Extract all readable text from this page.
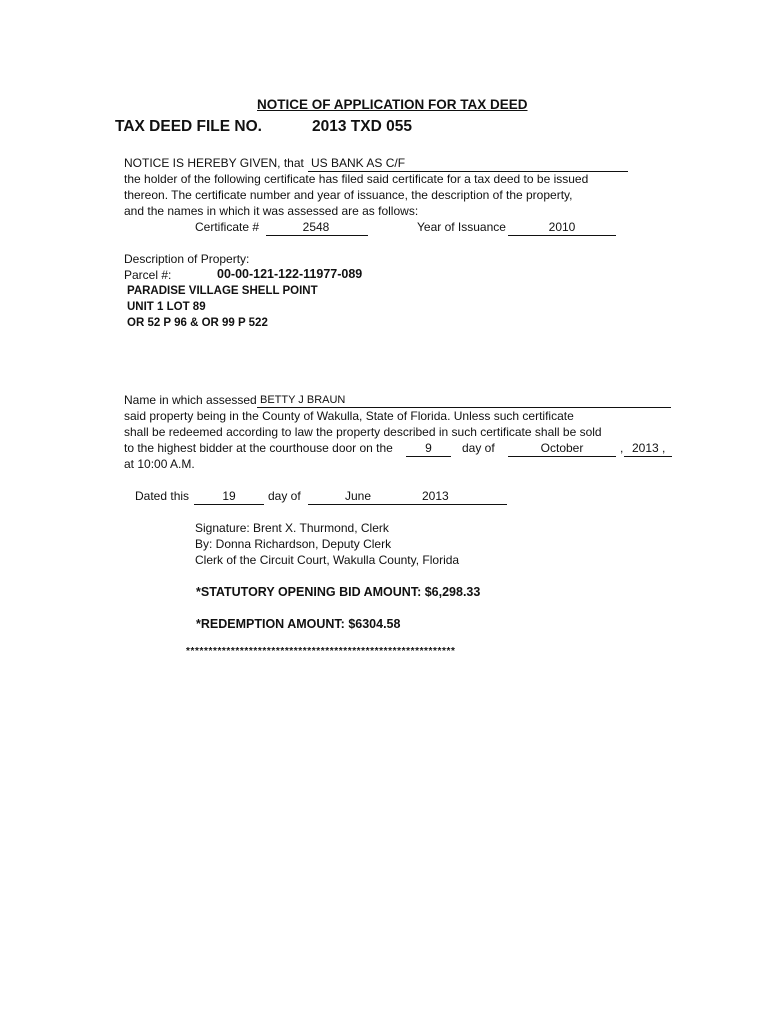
NOTICE OF APPLICATION FOR TAX DEED
TAX DEED FILE NO.	2013 TXD 055
NOTICE IS HEREBY GIVEN, that US BANK AS C/F
the holder of the following certificate has filed said certificate for a tax deed to be issued
thereon. The certificate number and year of issuance, the description of the property,
and the names in which it was assessed are as follows:
Certificate #	2548	Year of Issuance	2010
Description of Property:
Parcel #:	00-00-121-122-11977-089
PARADISE VILLAGE SHELL POINT
UNIT 1 LOT 89
OR 52 P 96 & OR 99 P 522
Name in which assessed BETTY J BRAUN
said property being in the County of Wakulla, State of Florida. Unless such certificate
shall be redeemed according to law the property described in such certificate shall be sold
to the highest bidder at the courthouse door on the	9	day of	October	, 2013 ,
at 10:00 A.M.
Dated this	19	day of	June	2013
Signature: Brent X. Thurmond, Clerk
By: Donna Richardson, Deputy Clerk
Clerk of the Circuit Court, Wakulla County, Florida
*STATUTORY OPENING BID AMOUNT: $6,298.33
*REDEMPTION AMOUNT: $6304.58
************************************************************
